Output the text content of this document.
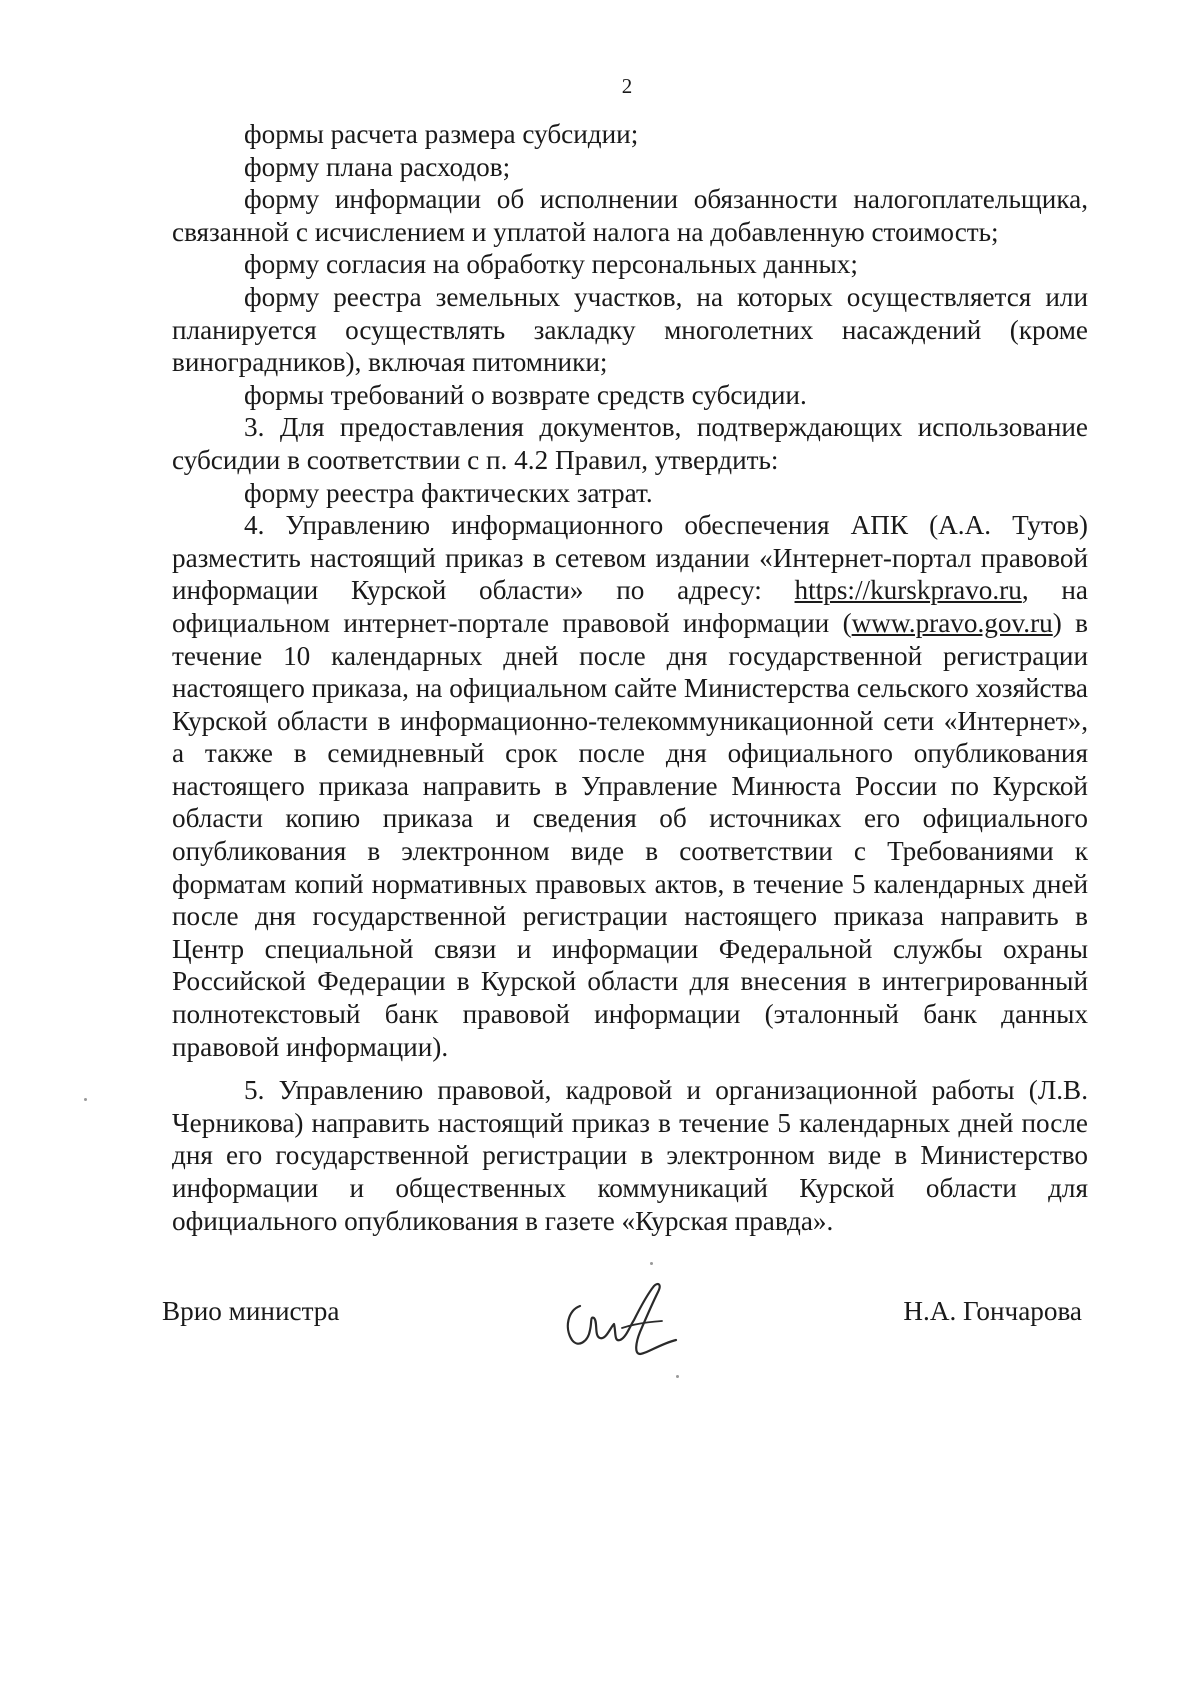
2

формы расчета размера субсидии;

форму плана расходов;

форму информации об исполнении обязанности налогоплательщика, связанной с исчислением и уплатой налога на добавленную стоимость;

форму согласия на обработку персональных данных;

форму реестра земельных участков, на которых осуществляется или планируется осуществлять закладку многолетних насаждений (кроме виноградников), включая питомники;

формы требований о возврате средств субсидии.

3. Для предоставления документов, подтверждающих использование субсидии в соответствии с п. 4.2 Правил, утвердить:

форму реестра фактических затрат.

4. Управлению информационного обеспечения АПК (А.А. Тутов) разместить настоящий приказ в сетевом издании «Интернет-портал правовой информации Курской области» по адресу: https://kurskpravo.ru, на официальном интернет-портале правовой информации (www.pravo.gov.ru) в течение 10 календарных дней после дня государственной регистрации настоящего приказа, на официальном сайте Министерства сельского хозяйства Курской области в информационно-телекоммуникационной сети «Интернет», а также в семидневный срок после дня официального опубликования настоящего приказа направить в Управление Минюста России по Курской области копию приказа и сведения об источниках его официального опубликования в электронном виде в соответствии с Требованиями к форматам копий нормативных правовых актов, в течение 5 календарных дней после дня государственной регистрации настоящего приказа направить в Центр специальной связи и информации Федеральной службы охраны Российской Федерации в Курской области для внесения в интегрированный полнотекстовый банк правовой информации (эталонный банк данных правовой информации).

5. Управлению правовой, кадровой и организационной работы (Л.В. Черникова) направить настоящий приказ в течение 5 календарных дней после дня его государственной регистрации в электронном виде в Министерство информации и общественных коммуникаций Курской области для официального опубликования в газете «Курская правда».

Врио министра	Н.А. Гончарова
